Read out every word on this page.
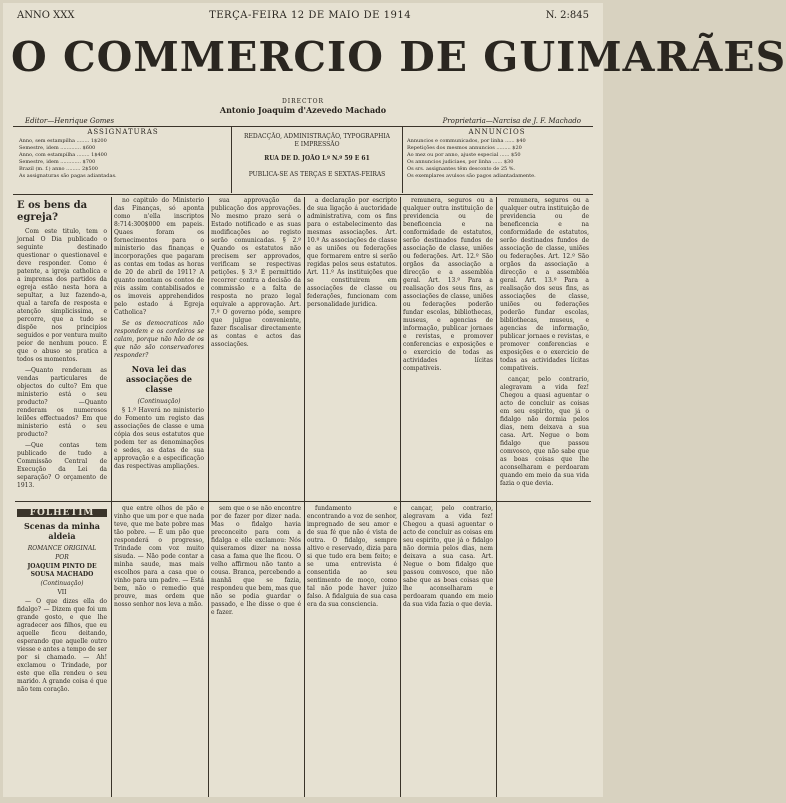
ANNO XXX	TERÇA-FEIRA 12 DE MAIO DE 1914	N. 2:845
O COMMERCIO DE GUIMARÃES
DIRECTOR
Antonio Joaquim d'Azevedo Machado
Editor—Henrique Gomes	Proprietaria—Narcisa de J. F. Machado
ASSIGNATURAS
Anno, sem estampilha ........ 1$200
Semestre, idem ............. $600
Anno, com estampilha ........ 1$400
Semestre, idem ............. $700
Brazil (m. f.) anno ......... 2$500
As assignaturas são pagas adiantadas.
REDACÇÃO, ADMINISTRAÇÃO, TYPOGRAPHIA
E IMPRESSÃO
RUA DE D. JOÃO I.º N.º 59 E 61
PUBLICA-SE AS TERÇAS E SEXTAS-FEIRAS
ANNUNCIOS
Annuncios e communicados, por linha ...... $40
Repetições dos mesmos annuncios ......... $20
Ao mez ou por anno, ajuste especial ...... $50
Os annuncios judiciaes, por linha ...... $30
Os srs. assignantes têm desconto de 25 %.
Os exemplares avulsos são pagos adiantadamente.
E os bens da egreja?

Com este titulo, tem o jornal O Dia publicado o seguinte destinado questionar o questionavel e deve responder. Como é patente, a igreja catholica e a imprensa dos partidos da egreja estão nesta hora a sepultar, a luz fazendo-a, qual a tarefa de resposta e atenção simplicissima, e percorre, que a tudo se dispõe nos principios seguidos e por ventura muito peior de nenhum pouco. É que o abuso se pratica a todos os momentos.

—Quanto renderam as vendas particulares de objectos do culto? Em que ministerio está o seu producto? —Quanto renderam os numerosos leilões effectuados? Em que ministerio está o seu producto?

—Que contas tem publicado de tudo a Commissão Central de Execução da Lei da separação? O orçamento de 1913.

FOLHETIM
Scenas da minha aldeia
ROMANCE ORIGINAL
POR
JOAQUIM PINTO DE SOUSA MACHADO
(Continuação)
VII

— O que dizes ella do fidalgo? — Dizem que foi um grande gosto, e que lhe agradecer aos filhos, que eu aquelle ficou deitando, esperando que aquelle outro viesse e antes a tempo de ser por si chamado. — Ah! exclamou o Trindade, por este que ella rendeu o seu marido. A grande coisa é que não tem coração.

no capitulo do Ministerio das Finanças, só aponta como n'ella inscriptos 8:714:300$000 em papeis. Quaes foram os fornecimentos para o ministerio das finanças e incorporações que pagaram as contas em todas as horas de 20 de abril de 1911? A quanto montam os contos de réis assim contabilisados e os imoveis apprehendidos pelo estado á Egreja Catholica?

Se os democraticos não respondem e os cordeiros se calam, porque não hão de os que não são conservadores responder?

Nova lei das associações de classe
(Continuação)

§ 1.º Haverá no ministerio do Fomento um registo das associações de classe e uma cópia dos seus estatutos que podem ter as denominações e sedes, as datas de sua approvação e a especificação das respectivas ampliações.

que entre olhos de pão e vinho que um por e que nada teve, que me bate pobre mas tão pobre. — É um pão que responderá o progresso, Trindade com voz muito sisuda. — Não pode contar a minha saude, mas mais escolhos para a casa que o vinho para um padre. — Está bem, não o remedio que prouve, mas ordem que nosso senhor nos leva a mão.

sua approvação da publicação dos approvações. No mesmo prazo será o Estado notificado e as suas modificações ao registo serão comunicadas. § 2.º Quando os estatutos não precisem ser approvados, verificam se respectivas petições. § 3.º É permittido recorrer contra a decisão da commissão e a falta de resposta no prazo legal equivale a approvação. Art. 7.º O governo póde, sempre que julgue conveniente, fazer fiscalisar directamente as contas e actos das associações.

sem que o se não encontre por de fazer por dizer nada. Mas o fidalgo havia preconceito para com a fidalga e elle exclamou: Nós quiseramos dizer na nossa casa a fama que lhe ficou. O velho affirmou não tanto a cousa. Branca, percebendo a manhã que se fazia, respondeu que bem, mas que não se podia guardar o passado, e lhe disse o que é e fazer.

a declaração por escripto de sua ligação á auctoridade administrativa, com os fins para o estabelecimento das mesmas associações. Art. 10.º As associações de classe e as uniões ou federações que formarem entre si serão regidas pelos seus estatutos. Art. 11.º As instituições que se constituirem em associações de classe ou federações, funcionam com personalidade juridica.

fundamento e encontrando a voz de senhor, impregnado de seu amor e de sua fé que não é vista de outra. O fidalgo, sempre altivo e reservado, dizia para si que tudo era bem feito; e se uma entrevista é consentida ao seu sentimento de moço, como tal não pode haver juizo falso. A fidalguia de sua casa era da sua consciencia.

remunera, seguros ou a qualquer outra instituição de previdencia ou de beneficencia e na conformidade de estatutos, serão destinados fundos de associação de classe, uniões ou federações. Art. 12.º São orgãos da associação a direcção e a assembléa geral. Art. 13.º Para a realisação dos seus fins, as associações de classe, uniões ou federações poderão fundar escolas, bibliothecas, museus, e agencias de informação, publicar jornaes e revistas, e promover conferencias e exposições e o exercicio de todas as actividades lícitas compativeis.

cançar, pelo contrario, alegravam a vida fez! Chegou a quasi aguentar o acto de concluir as coisas em seu espirito, que já o fidalgo não dormia pelos dias, nem deixava a sua casa. Art. Negue o bom fidalgo que passou comvosco, que não sabe que as boas coisas que lhe aconselharam e perdoaram quando em meio da sua vida fazia o que devia.

remunera, seguros ou a qualquer outra instituição de previdencia ou de beneficencia e na conformidade de estatutos, serão destinados fundos de associação de classe, uniões ou federações. Art. 12.º São orgãos da associação a direcção e a assembléa geral. Art. 13.º Para a realisação dos seus fins, as associações de classe, uniões ou federações poderão fundar escolas, bibliothecas, museus, e agencias de informação, publicar jornaes e revistas, e promover conferencias e exposições e o exercicio de todas as actividades lícitas compativeis.

cançar, pelo contrario, alegravam a vida fez! Chegou a quasi aguentar o acto de concluir as coisas em seu espirito, que já o fidalgo não dormia pelos dias, nem deixava a sua casa. Art. Negue o bom fidalgo que passou comvosco, que não sabe que as boas coisas que lhe aconselharam e perdoaram quando em meio da sua vida fazia o que devia.
